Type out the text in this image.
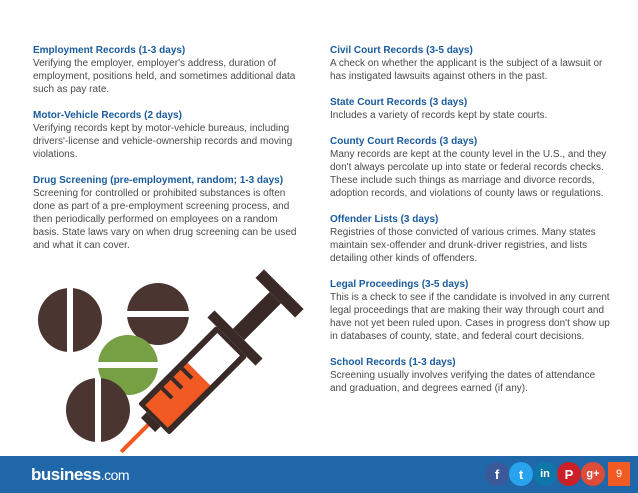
Employment Records (1-3 days)

Verifying the employer, employer's address, duration of employment, positions held, and sometimes additional data such as pay rate.

Motor-Vehicle Records (2 days)

Verifying records kept by motor-vehicle bureaus, including drivers'-license and vehicle-ownership records and moving violations.

Drug Screening (pre-employment, random; 1-3 days)

Screening for controlled or prohibited substances is often done as part of a pre-employment screening process, and then periodically performed on employees on a random basis. State laws vary on when drug screening can be used and what it can cover.

Civil Court Records (3-5 days)

A check on whether the applicant is the subject of a lawsuit or has instigated lawsuits against others in the past.

State Court Records (3 days)

Includes a variety of records kept by state courts.

County Court Records (3 days)

Many records are kept at the county level in the U.S., and they don't always percolate up into state or federal records checks. These include such things as marriage and divorce records, adoption records, and violations of county laws or regulations.

Offender Lists (3 days)

Registries of those convicted of various crimes. Many states maintain sex-offender and drunk-driver registries, and lists detailing other kinds of offenders.

Legal Proceedings (3-5 days)

This is a check to see if the candidate is involved in any current legal proceedings that are making their way through court and have not yet been ruled upon. Cases in progress don't show up in databases of county, state, and federal court decisions.

School Records (1-3 days)

Screening usually involves verifying the dates of attendance and graduation, and degrees earned (if any).

business.com	f t in P g+	9
